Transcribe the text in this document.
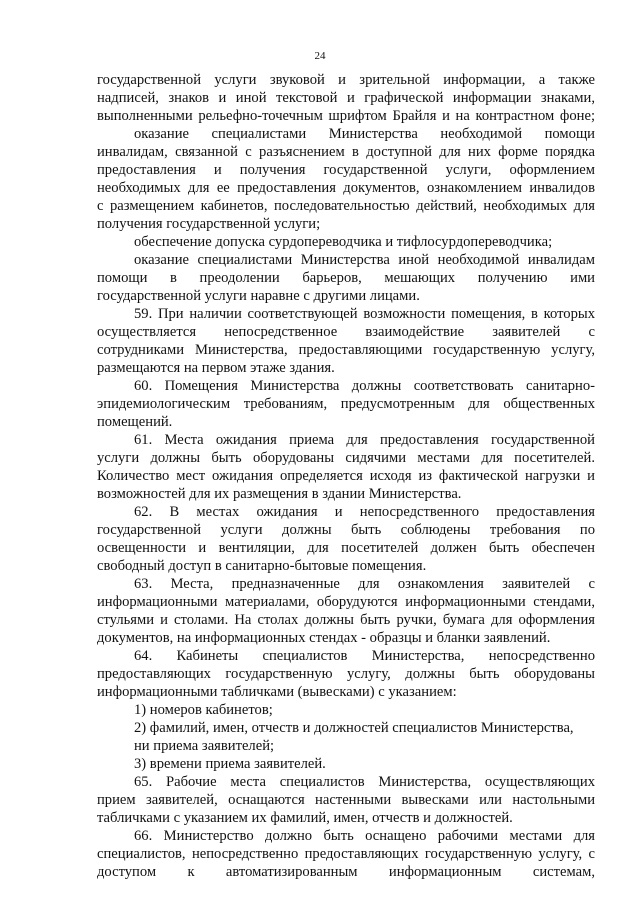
24
государственной услуги звуковой и зрительной информации, а также
надписей, знаков и иной текстовой и графической информации знаками,
выполненными рельефно-точечным шрифтом Брайля и на контрастном фоне;
оказание специалистами Министерства необходимой помощи
инвалидам, связанной с разъяснением в доступной для них форме порядка
предоставления и получения государственной услуги, оформлением
необходимых для ее предоставления документов, ознакомлением инвалидов
с размещением кабинетов, последовательностью действий, необходимых для
получения государственной услуги;
обеспечение допуска сурдопереводчика и тифлосурдопереводчика;
оказание специалистами Министерства иной необходимой инвалидам
помощи в преодолении барьеров, мешающих получению ими
государственной услуги наравне с другими лицами.
59. При наличии соответствующей возможности помещения, в которых
осуществляется непосредственное взаимодействие заявителей с
сотрудниками Министерства, предоставляющими государственную услугу,
размещаются на первом этаже здания.
60. Помещения Министерства должны соответствовать санитарно-
эпидемиологическим требованиям, предусмотренным для общественных
помещений.
61. Места ожидания приема для предоставления государственной
услуги должны быть оборудованы сидячими местами для посетителей.
Количество мест ожидания определяется исходя из фактической нагрузки и
возможностей для их размещения в здании Министерства.
62. В местах ожидания и непосредственного предоставления
государственной услуги должны быть соблюдены требования по
освещенности и вентиляции, для посетителей должен быть обеспечен
свободный доступ в санитарно-бытовые помещения.
63. Места, предназначенные для ознакомления заявителей с
информационными материалами, оборудуются информационными стендами,
стульями и столами. На столах должны быть ручки, бумага для оформления
документов, на информационных стендах - образцы и бланки заявлений.
64. Кабинеты специалистов Министерства, непосредственно
предоставляющих государственную услугу, должны быть оборудованы
информационными табличками (вывесками) с указанием:
1) номеров кабинетов;
2) фамилий, имен, отчеств и должностей специалистов Министерства,
ни приема заявителей;
3) времени приема заявителей.
65. Рабочие места специалистов Министерства, осуществляющих
прием заявителей, оснащаются настенными вывесками или настольными
табличками с указанием их фамилий, имен, отчеств и должностей.
66. Министерство должно быть оснащено рабочими местами для
специалистов, непосредственно предоставляющих государственную услугу, с
доступом к автоматизированным информационным системам,
